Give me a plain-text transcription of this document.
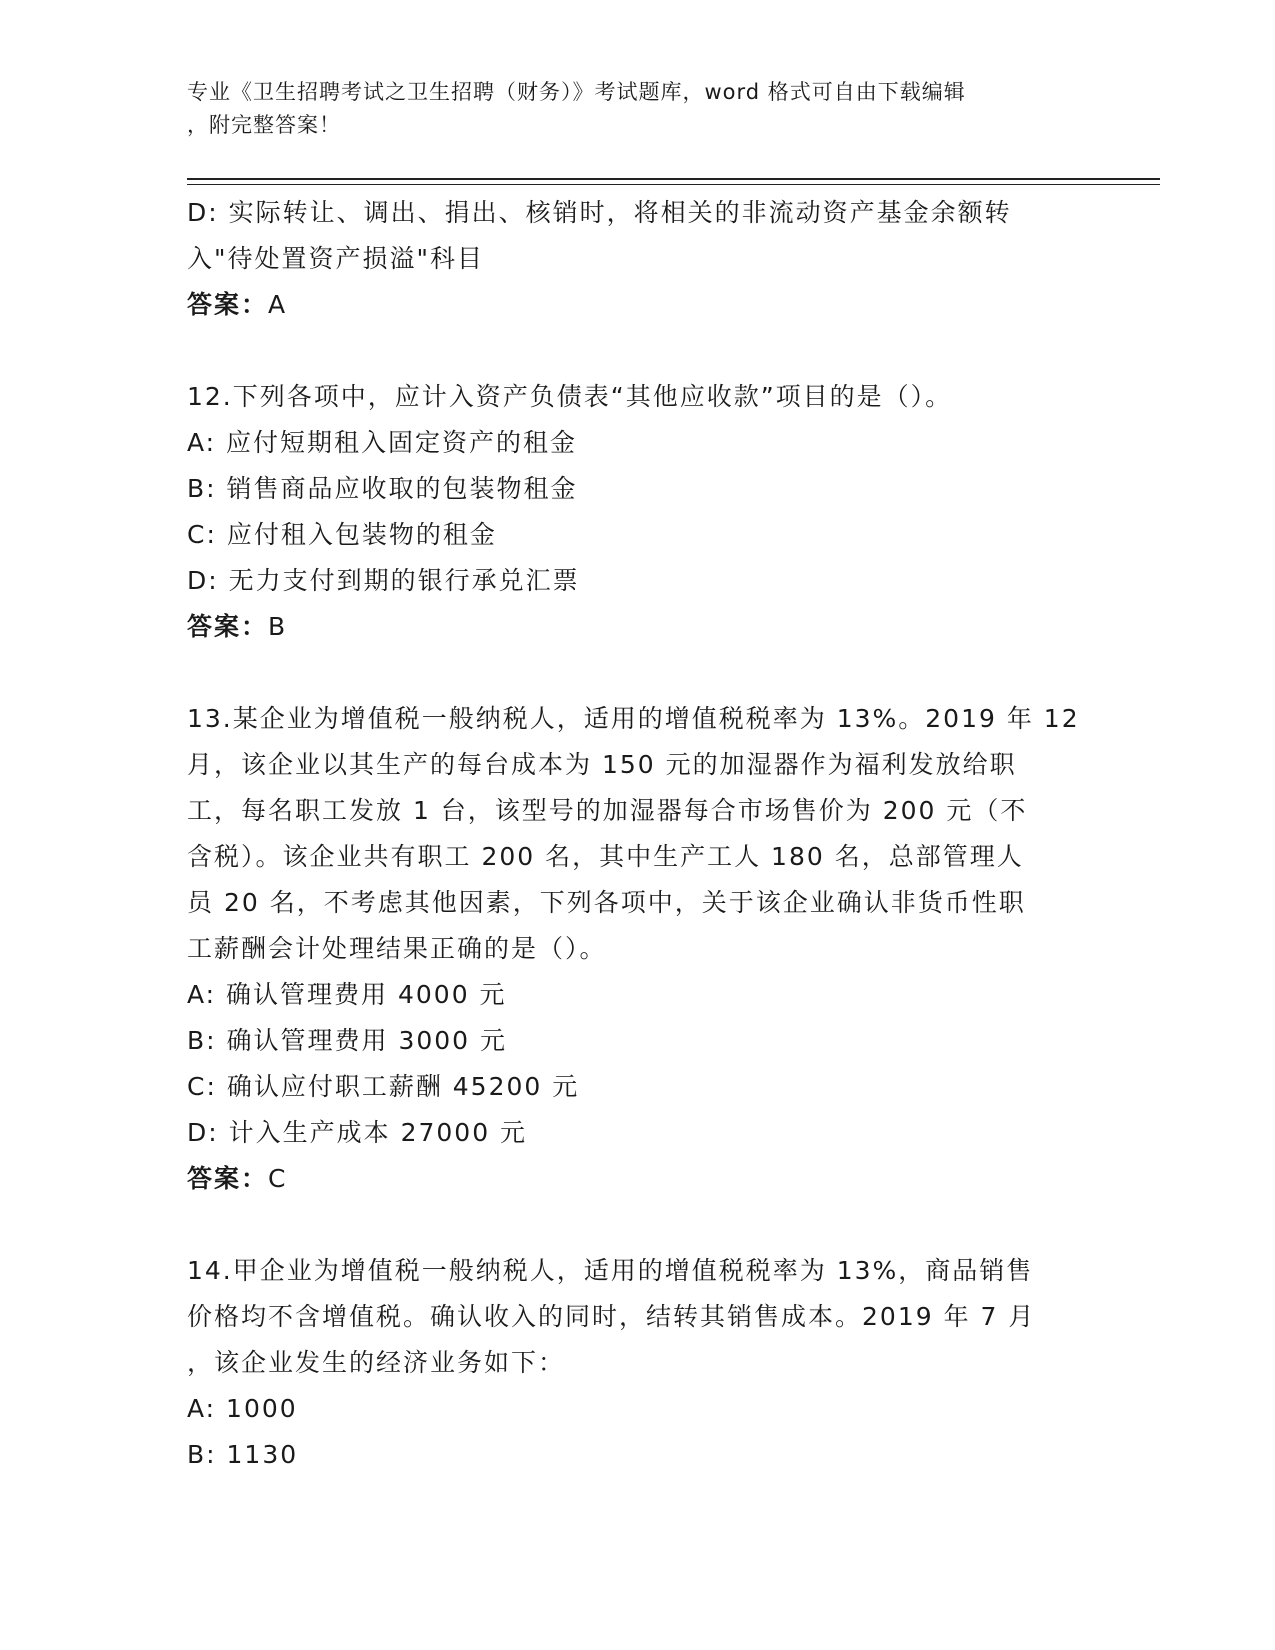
专业《卫生招聘考试之卫生招聘（财务）》考试题库，word 格式可自由下载编辑
，附完整答案！
D: 实际转让、调出、捐出、核销时，将相关的非流动资产基金余额转
入"待处置资产损溢"科目
答案：A
12.下列各项中，应计入资产负债表“其他应收款”项目的是（）。
A: 应付短期租入固定资产的租金
B: 销售商品应收取的包装物租金
C: 应付租入包装物的租金
D: 无力支付到期的银行承兑汇票
答案：B
13.某企业为增值税一般纳税人，适用的增值税税率为 13%。2019 年 12
月，该企业以其生产的每台成本为 150 元的加湿器作为福利发放给职
工，每名职工发放 1 台，该型号的加湿器每合市场售价为 200 元（不
含税）。该企业共有职工 200 名，其中生产工人 180 名，总部管理人
员 20 名，不考虑其他因素，下列各项中，关于该企业确认非货币性职
工薪酬会计处理结果正确的是（）。
A: 确认管理费用 4000 元
B: 确认管理费用 3000 元
C: 确认应付职工薪酬 45200 元
D: 计入生产成本 27000 元
答案：C
14.甲企业为增值税一般纳税人，适用的增值税税率为 13%，商品销售
价格均不含增值税。确认收入的同时，结转其销售成本。2019 年 7 月
，该企业发生的经济业务如下：
A: 1000
B: 1130
